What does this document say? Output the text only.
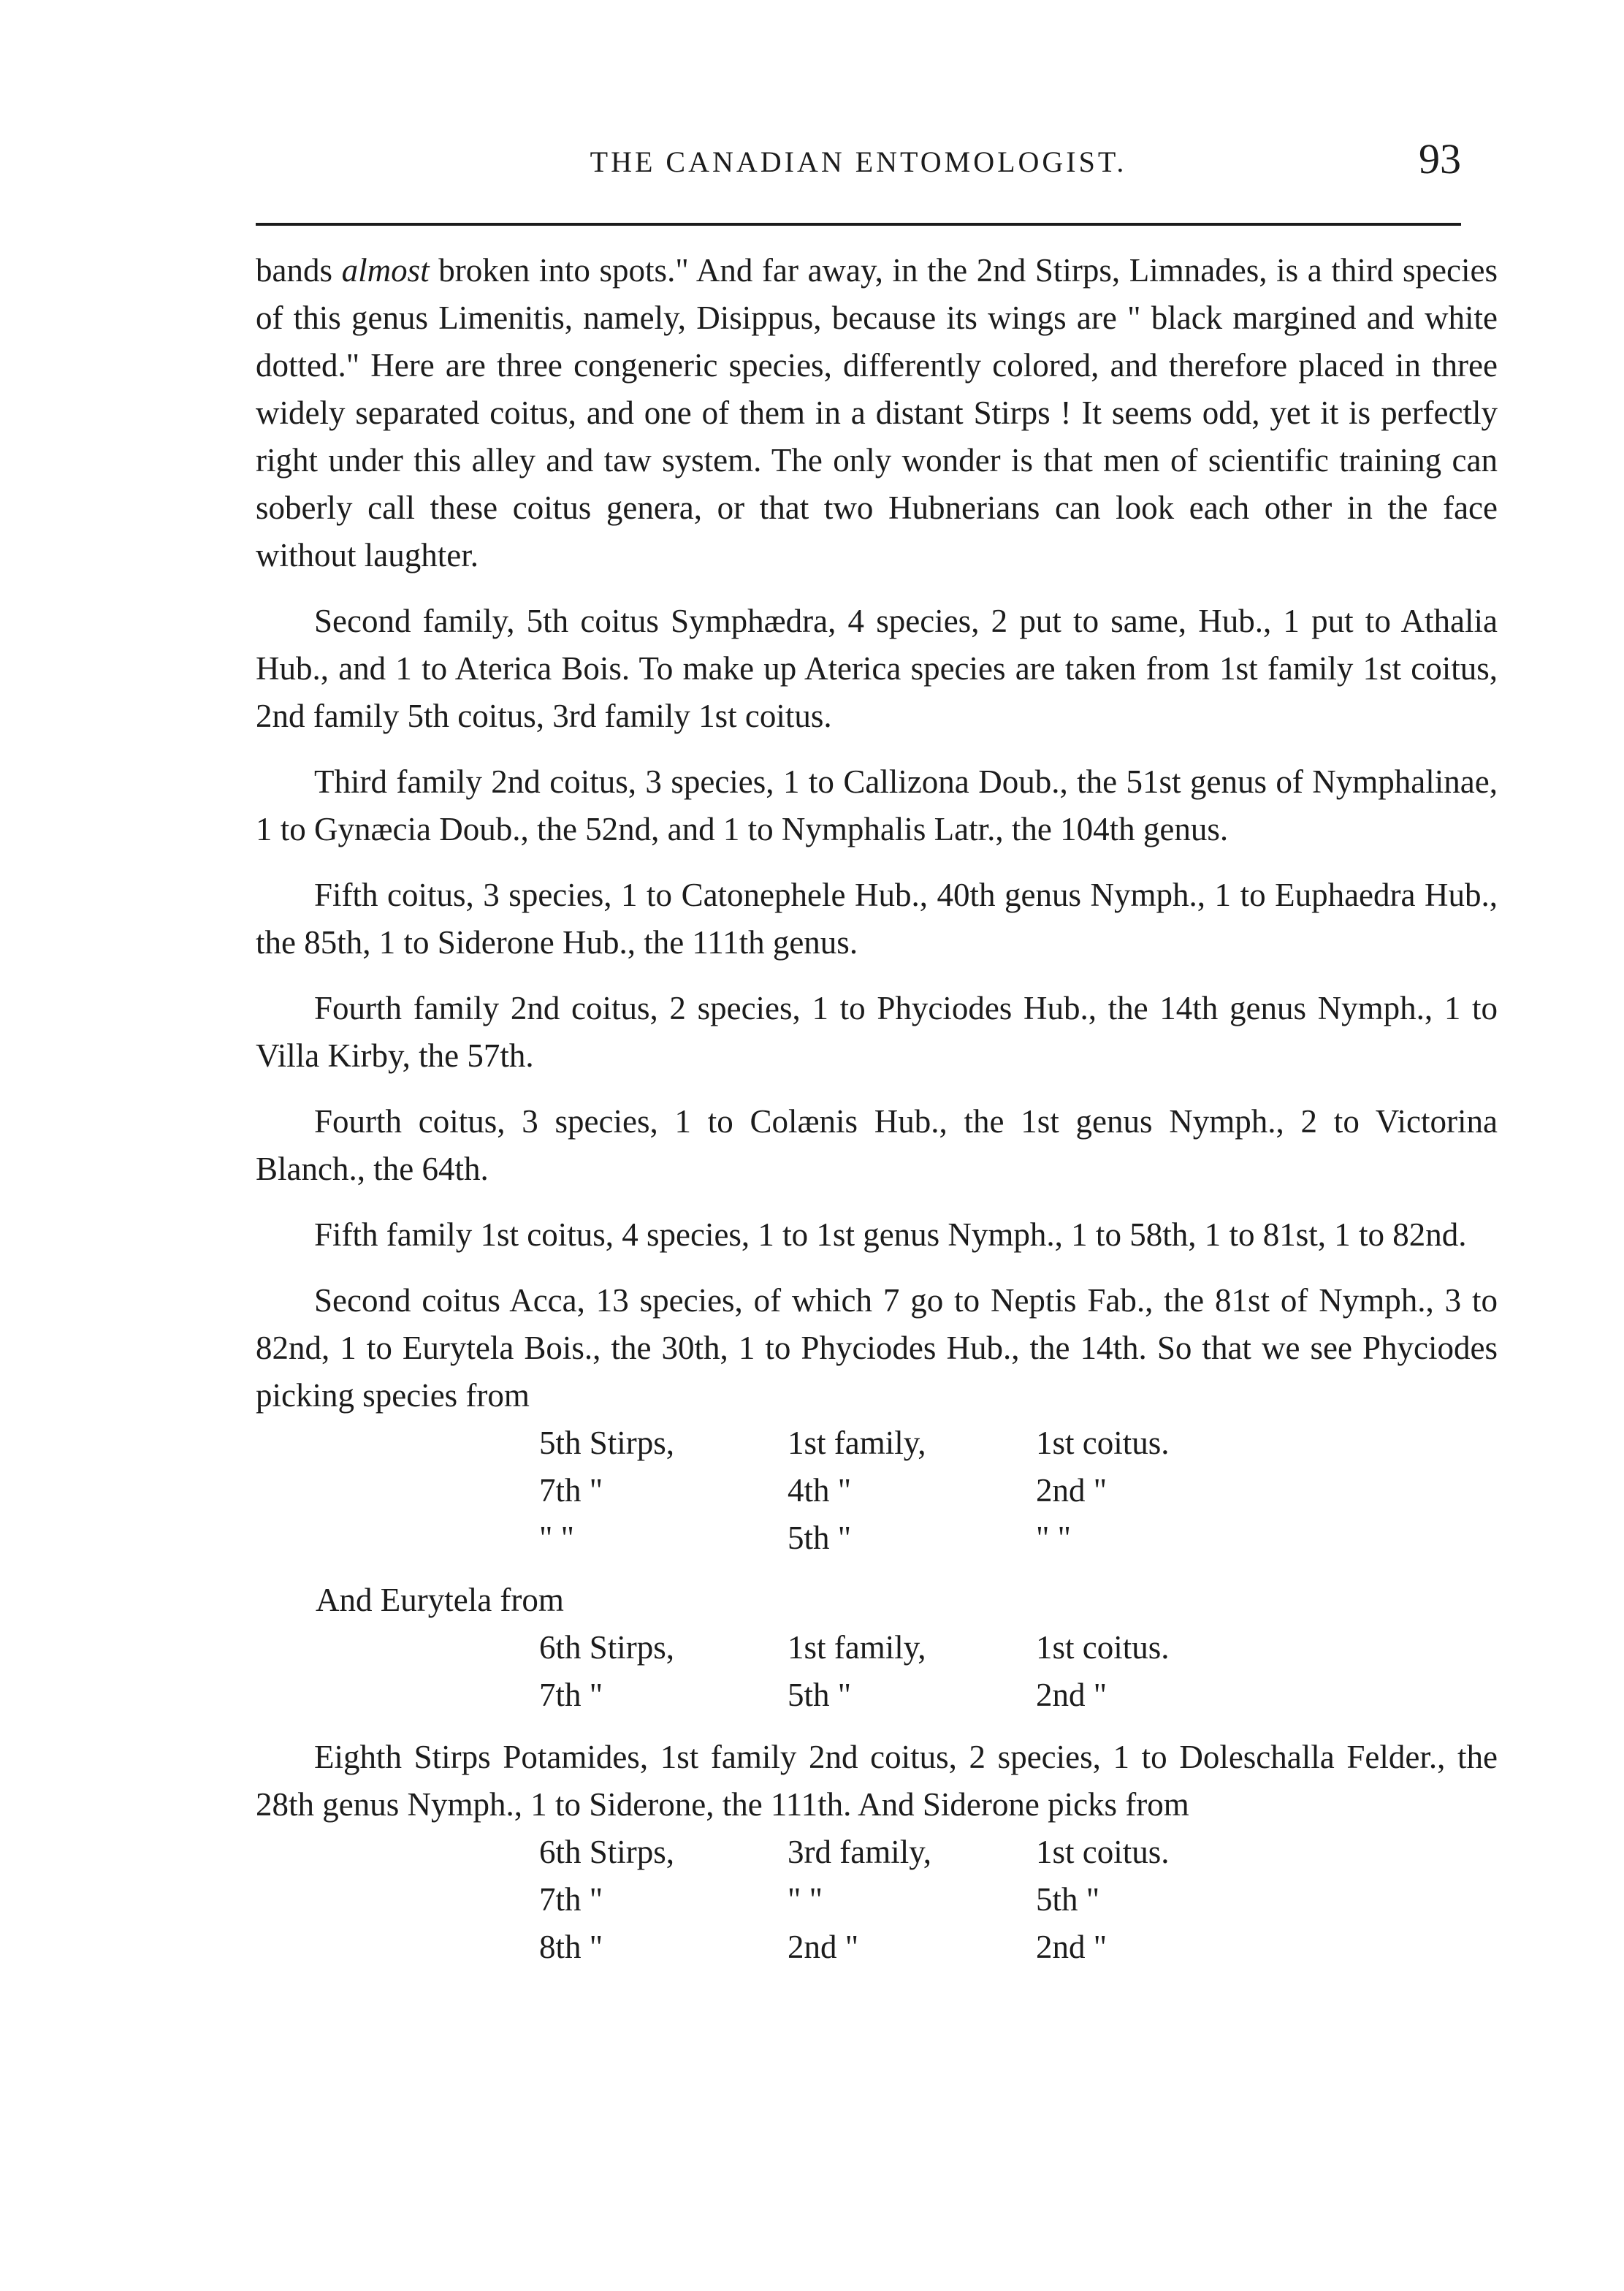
THE CANADIAN ENTOMOLOGIST.	93

bands almost broken into spots." And far away, in the 2nd Stirps, Limnades, is a third species of this genus Limenitis, namely, Disippus, because its wings are " black margined and white dotted." Here are three congeneric species, differently colored, and therefore placed in three widely separated coitus, and one of them in a distant Stirps ! It seems odd, yet it is perfectly right under this alley and taw system. The only wonder is that men of scientific training can soberly call these coitus genera, or that two Hubnerians can look each other in the face without laughter.

Second family, 5th coitus Symphædra, 4 species, 2 put to same, Hub., 1 put to Athalia Hub., and 1 to Aterica Bois. To make up Aterica species are taken from 1st family 1st coitus, 2nd family 5th coitus, 3rd family 1st coitus.

Third family 2nd coitus, 3 species, 1 to Callizona Doub., the 51st genus of Nymphalinae, 1 to Gynæcia Doub., the 52nd, and 1 to Nymphalis Latr., the 104th genus.

Fifth coitus, 3 species, 1 to Catonephele Hub., 40th genus Nymph., 1 to Euphaedra Hub., the 85th, 1 to Siderone Hub., the 111th genus.

Fourth family 2nd coitus, 2 species, 1 to Phyciodes Hub., the 14th genus Nymph., 1 to Villa Kirby, the 57th.

Fourth coitus, 3 species, 1 to Colænis Hub., the 1st genus Nymph., 2 to Victorina Blanch., the 64th.

Fifth family 1st coitus, 4 species, 1 to 1st genus Nymph., 1 to 58th, 1 to 81st, 1 to 82nd.

Second coitus Acca, 13 species, of which 7 go to Neptis Fab., the 81st of Nymph., 3 to 82nd, 1 to Eurytela Bois., the 30th, 1 to Phyciodes Hub., the 14th. So that we see Phyciodes picking species from

5th Stirps,	1st family,	1st coitus.
7th "	4th "	2nd "
" "	5th "	" "

And Eurytela from

6th Stirps,	1st family,	1st coitus.
7th "	5th "	2nd "

Eighth Stirps Potamides, 1st family 2nd coitus, 2 species, 1 to Doleschalla Felder., the 28th genus Nymph., 1 to Siderone, the 111th. And Siderone picks from

6th Stirps,	3rd family,	1st coitus.
7th "	" "	5th "
8th "	2nd "	2nd "
